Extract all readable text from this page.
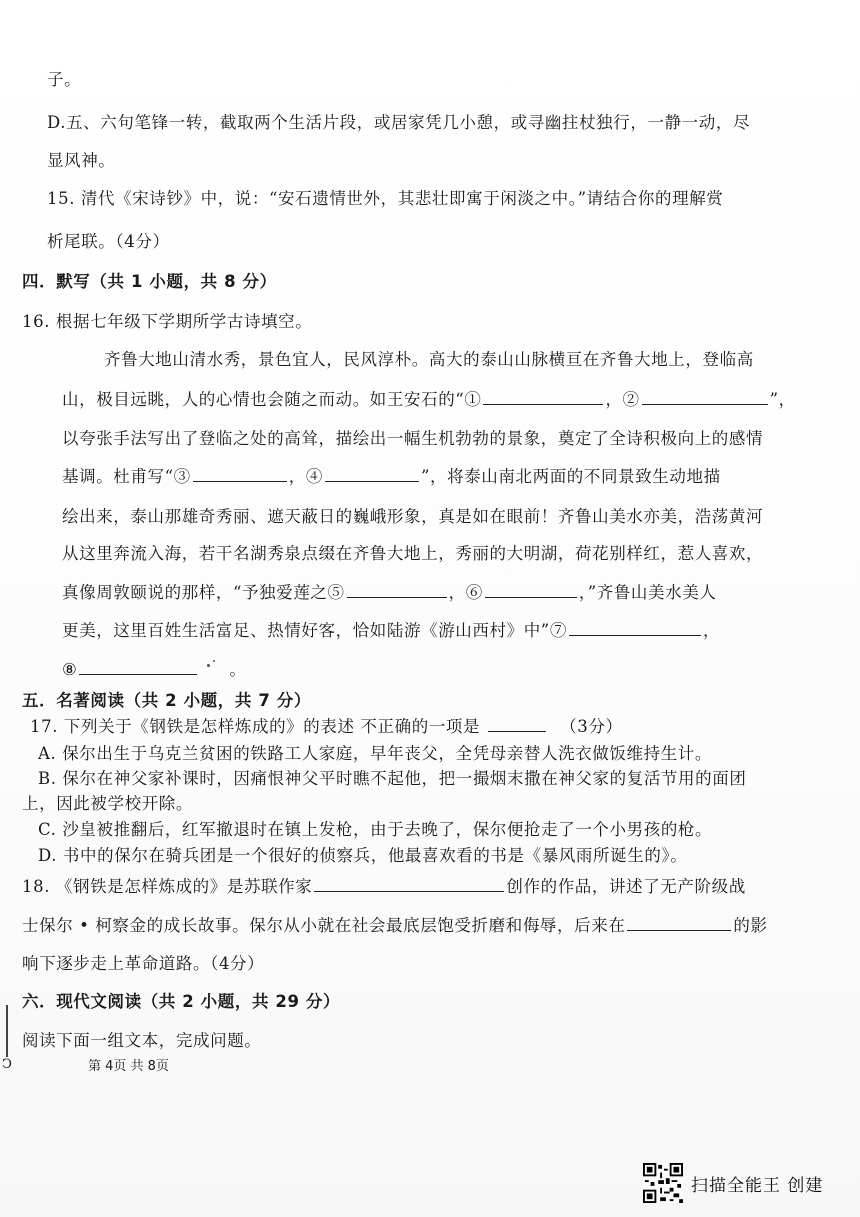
子。
D.五、六句笔锋一转，截取两个生活片段，或居家凭几小憩，或寻幽拄杖独行，一静一动，尽
显风神。
15. 清代《宋诗钞》中，说：“安石遗情世外，其悲壮即寓于闲淡之中。”请结合你的理解赏
析尾联。（4分）
四．默写（共 1 小题，共 8 分）
16. 根据七年级下学期所学古诗填空。
齐鲁大地山清水秀，景色宜人，民风淳朴。高大的泰山山脉横亘在齐鲁大地上，登临高
山，极目远眺，人的心情也会随之而动。如王安石的“①	，②	”，
以夸张手法写出了登临之处的高耸，描绘出一幅生机勃勃的景象，奠定了全诗积极向上的感情
基调。杜甫写“③	，④	”，将泰山南北两面的不同景致生动地描
绘出来，泰山那雄奇秀丽、遮天蔽日的巍峨形象，真是如在眼前！齐鲁山美水亦美，浩荡黄河
从这里奔流入海，若干名湖秀泉点缀在齐鲁大地上，秀丽的大明湖，荷花别样红，惹人喜欢，
真像周敦颐说的那样，“予独爱莲之⑤	，⑥	，”齐鲁山美水美人
更美，这里百姓生活富足、热情好客，恰如陆游《游山西村》中”⑦	，
⑧	。
五．名著阅读（共 2 小题，共 7 分）
17. 下列关于《钢铁是怎样炼成的》的表述 不正确的一项是	（3分）
A. 保尔出生于乌克兰贫困的铁路工人家庭，早年丧父，全凭母亲替人洗衣做饭维持生计。
B. 保尔在神父家补课时，因痛恨神父平时瞧不起他，把一撮烟末撒在神父家的复活节用的面团
上，因此被学校开除。
C. 沙皇被推翻后，红军撤退时在镇上发枪，由于去晚了，保尔便抢走了一个小男孩的枪。
D. 书中的保尔在骑兵团是一个很好的侦察兵，他最喜欢看的书是《暴风雨所诞生的》。
18. 《钢铁是怎样炼成的》是苏联作家	创作的作品，讲述了无产阶级战
士保尔 • 柯察金的成长故事。保尔从小就在社会最底层饱受折磨和侮辱，后来在	的影
响下逐步走上革命道路。（4分）
六．现代文阅读（共 2 小题，共 29 分）
阅读下面一组文本，完成问题。
Ↄ	第 4页 共 8页
扫描全能王 创建
